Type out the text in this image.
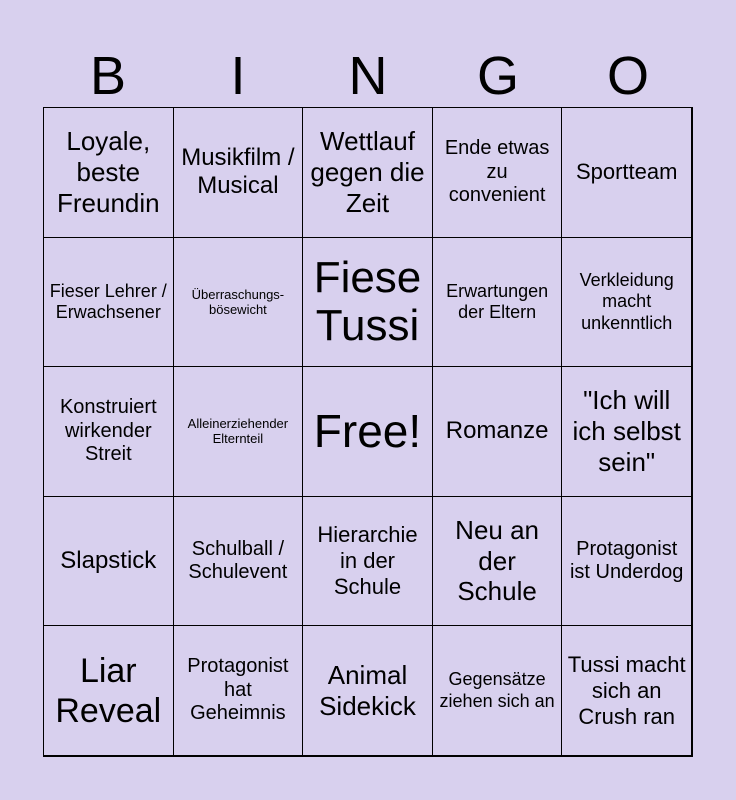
B	I	N	G	O
Loyale, beste Freundin
Musikfilm / Musical
Wettlauf gegen die Zeit
Ende etwas zu convenient
Sportteam
Fieser Lehrer / Erwachsener
Überraschungs-bösewicht
Fiese Tussi
Erwartungen der Eltern
Verkleidung macht unkenntlich
Konstruiert wirkender Streit
Alleinerziehender Elternteil	Free!	Romanze
"Ich will ich selbst sein"
Slapstick	Schulball / Schulevent
Hierarchie in der Schule
Neu an der Schule
Protagonist ist Underdog
Liar Reveal
Protagonist hat Geheimnis
Animal Sidekick
Gegensätze ziehen sich an
Tussi macht sich an Crush ran
